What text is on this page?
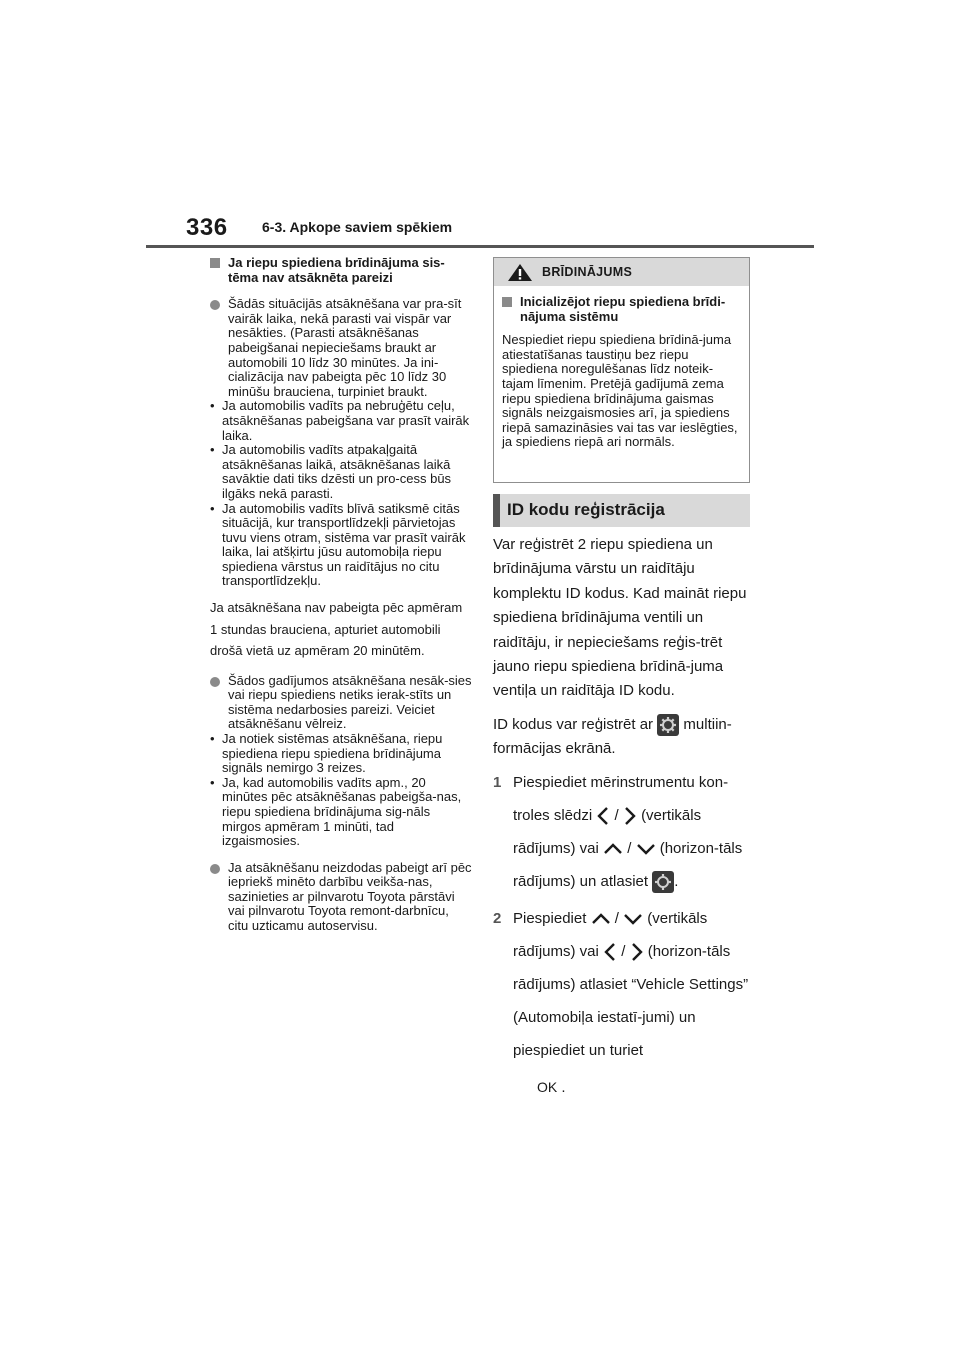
336 6-3. Apkope saviem spēkiem
Ja riepu spiediena brīdinājuma sis-tēma nav atsāknēta pareizi
Šādās situācijās atsāknēšana var pra-sīt vairāk laika, nekā parasti vai vispār var nesākties. (Parasti atsāknēšanas pabeigšanai nepieciešams braukt ar automobili 10 līdz 30 minūtes. Ja ini-cializācija nav pabeigta pēc 10 līdz 30 minūšu brauciena, turpiniet braukt.
• Ja automobilis vadīts pa nebruģētu ceļu, atsāknēšanas pabeigšana var prasīt vairāk laika.
• Ja automobilis vadīts atpakaļgaitā atsāknēšanas laikā, atsāknēšanas laikā savāktie dati tiks dzēsti un pro-cess būs ilgāks nekā parasti.
• Ja automobilis vadīts blīvā satiksmē citās situācijā, kur transportlīdzekļi pārvietojas tuvu viens otram, sistēma var prasīt vairāk laika, lai atšķirtu jūsu automobiļa riepu spiediena vārstus un raidītājus no citu transportlīdzekļu.
Ja atsāknēšana nav pabeigta pēc apmēram 1 stundas brauciena, apturiet automobili drošā vietā uz apmēram 20 minūtēm.
Šādos gadījumos atsāknēšana nesāk-sies vai riepu spiediens netiks ierak-stīts un sistēma nedarbosies pareizi. Veiciet atsāknēšanu vēlreiz.
• Ja notiek sistēmas atsāknēšana, riepu spiediena riepu spiediena brīdinājuma signāls nemirgo 3 reizes.
• Ja, kad automobilis vadīts apm., 20 minūtes pēc atsāknēšanas pabeigša-nas, riepu spiediena brīdinājuma sig-nāls mirgos apmēram 1 minūti, tad izgaismosies.
Ja atsāknēšanu neizdodas pabeigt arī pēc iepriekš minēto darbību veikša-nas, sazinieties ar pilnvarotu Toyota pārstāvi vai pilnvarotu Toyota remont-darbnīcu, citu uzticamu autoservisu.
BRĪDINĀJUMS
Inicializējot riepu spiediena brīdi-nājuma sistēmu
Nespiediet riepu spiediena brīdinā-juma atiestatīšanas taustiņu bez riepu spiediena noregulēšanas līdz noteik-tajam līmenim. Pretējā gadījumā zema riepu spiediena brīdinājuma gaismas signāls neizgaismosies arī, ja spiediens riepā samazināsies vai tas var ieslēgties, ja spiediens riepā ari normāls.
ID kodu reģistrācija

Var reģistrēt 2 riepu spiediena un brīdinājuma vārstu un raidītāju komplektu ID kodus. Kad maināt riepu spiediena brīdinājuma ventili un raidītāju, ir nepieciešams reģis-trēt jauno riepu spiediena brīdinā-juma ventiļa un raidītāja ID kodu.

ID kodus var reģistrēt ar multiin-formācijas ekrānā.

1 Piespiediet mērinstrumentu kon-troles slēdzi / (vertikāls rādījums) vai / (horizon-tāls rādījums) un atlasiet .
2 Piespiediet / (vertikāls rādījums) vai / (horizon-tāls rādījums) atlasiet “Vehicle Settings” (Automobiļa iestatī-jumi) un piespiediet un turiet
OK .
